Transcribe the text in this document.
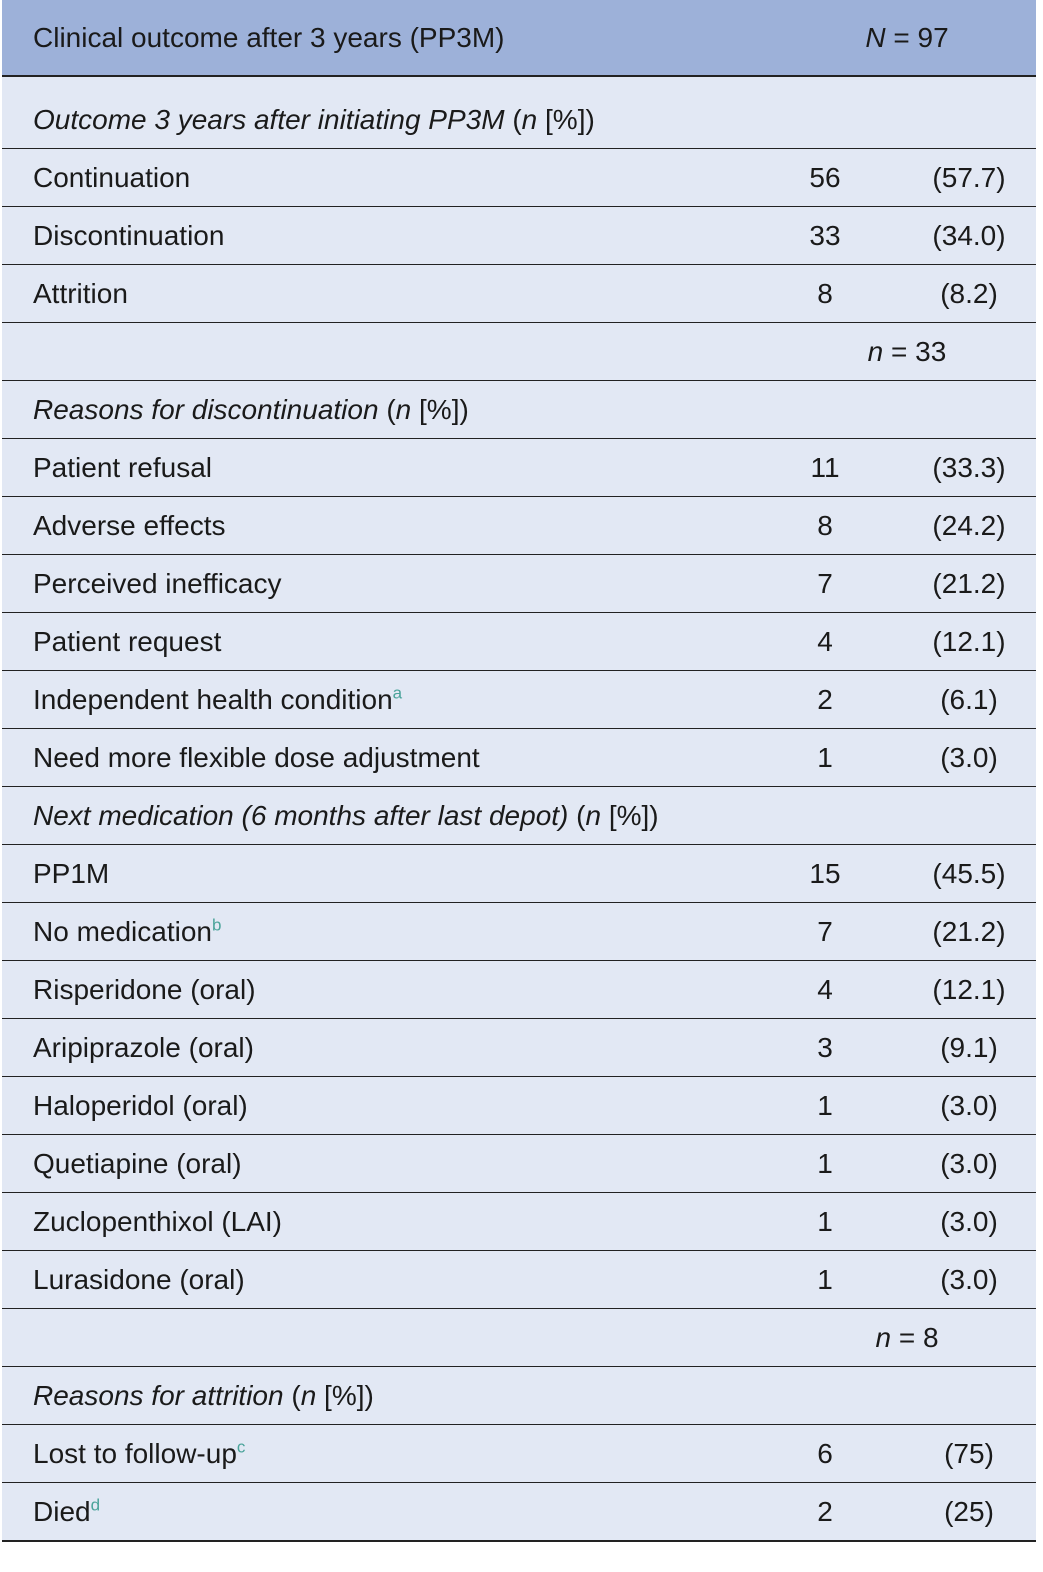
Clinical outcome after 3 years (PP3M)	N = 97
Outcome 3 years after initiating PP3M (n [%])
Continuation	56	(57.7)
Discontinuation	33	(34.0)
Attrition	8	(8.2)
n = 33
Reasons for discontinuation (n [%])
Patient refusal	11	(33.3)
Adverse effects	8	(24.2)
Perceived inefficacy	7	(21.2)
Patient request	4	(12.1)
Independent health condition$^a$	2	(6.1)
Need more flexible dose adjustment	1	(3.0)
Next medication (6 months after last depot) (n [%])
PP1M	15	(45.5)
No medication$^b$	7	(21.2)
Risperidone (oral)	4	(12.1)
Aripiprazole (oral)	3	(9.1)
Haloperidol (oral)	1	(3.0)
Quetiapine (oral)	1	(3.0)
Zuclopenthixol (LAI)	1	(3.0)
Lurasidone (oral)	1	(3.0)
n = 8
Reasons for attrition (n [%])
Lost to follow-$up^c$	6	(75)
Died$^d$	2	(25)
